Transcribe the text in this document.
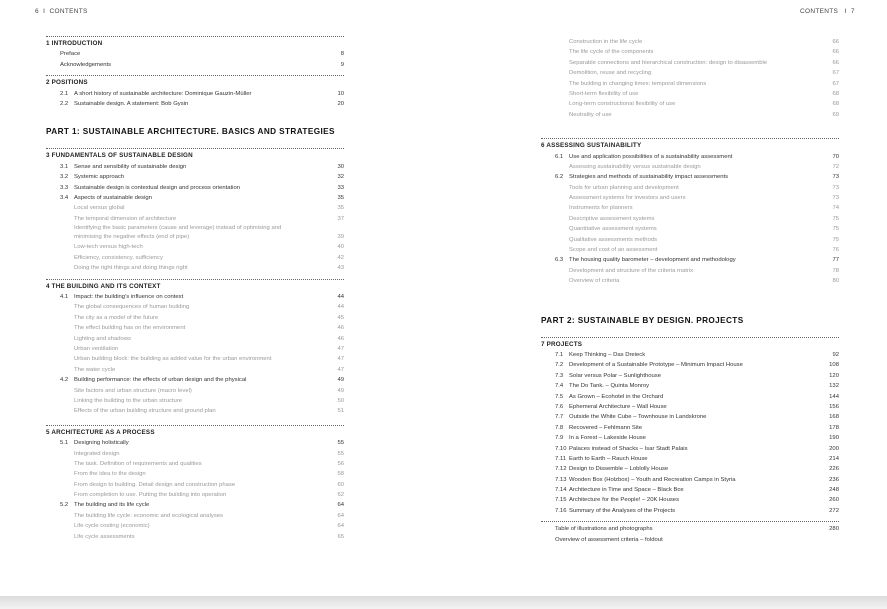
6 I CONTENTS	CONTENTS I 7
1 INTRODUCTION
Preface	8
Acknowledgements	9
2 POSITIONS
2.1 A short history of sustainable architecture: Dominique Gauzin-Müller	10
2.2 Sustainable design. A statement: Bob Gysin	20
PART 1: SUSTAINABLE ARCHITECTURE. BASICS AND STRATEGIES
3 FUNDAMENTALS OF SUSTAINABLE DESIGN
3.1 Sense and sensibility of sustainable design	30
3.2 Systemic approach	32
3.3 Sustainable design is contextual design and process orientation	33
3.4 Aspects of sustainable design	35
Local versus global	35
The temporal dimension of architecture	37
Identifying the basic parameters (cause and leverage) instead of optimising and
minimising the negative effects (end of pipe)	39
Low-tech versus high-tech	40
Efficiency, consistency, sufficiency	42
Doing the right things and doing things right	43
4 THE BUILDING AND ITS CONTEXT
4.1 Impact: the building’s influence on context	44
The global consequences of human building	44
The city as a model of the future	45
The effect building has on the environment	46
Lighting and shadows	46
Urban ventilation	47
Urban building block: the building as added value for the urban environment	47
The water cycle	47
4.2 Building performance: the effects of urban design and the physical	49
Site factors and urban structure (macro level)	49
Linking the building to the urban structure	50
Effects of the urban building structure and ground plan	51
5 ARCHITECTURE AS A PROCESS
5.1 Designing holistically	55
Integrated design	55
The task. Definition of requirements and qualities	56
From the idea to the design	58
From design to building. Detail design and construction phase	60
From completion to use. Putting the building into operation	62
5.2 The building and its life cycle	64
The building life cycle: economic and ecological analyses	64
Life cycle costing (economic)	64
Life cycle assessments	65
Construction in the life cycle	66
The life cycle of the components	66
Separable connections and hierarchical construction: design to disassemble	66
Demolition, reuse and recycling	67
The building in changing times: temporal dimensions	67
Short-term flexibility of use	68
Long-term constructional flexibility of use	68
Neutrality of use	69
6 ASSESSING SUSTAINABILITY
6.1 Use and application possibilities of a sustainability assessment	70
Assessing sustainability versus sustainable design	72
6.2 Strategies and methods of sustainability impact assessments	73
Tools for urban planning and development	73
Assessment systems for investors and users	73
Instruments for planners	74
Descriptive assessment systems	75
Quantitative assessment systems	75
Qualitative assessments methods	75
Scope and cost of an assessment	76
6.3 The housing quality barometer – development and methodology	77
Development and structure of the criteria matrix	78
Overview of criteria	80
PART 2: SUSTAINABLE BY DESIGN. PROJECTS
7 PROJECTS
7.1 Keep Thinking – Das Dreieck	92
7.2 Development of a Sustainable Prototype – Minimum Impact House	108
7.3 Solar versus Polar – Sunlighthouse	120
7.4 The Do Tank. – Quinta Monroy	132
7.5 As Grown – Ecohotel in the Orchard	144
7.6 Ephemeral Architecture – Wall House	156
7.7 Outside the White Cube – Townhouse in Landskrone	168
7.8 Recovered – Fehlmann Site	178
7.9 In a Forest – Lakeside House	190
7.10 Palaces instead of Shacks – Isar Stadt Palais	200
7.11 Earth to Earth – Rauch House	214
7.12 Design to Dissemble – Loblolly House	226
7.13 Wooden Box (Holzbox) – Youth and Recreation Camps in Styria	236
7.14 Architecture in Time and Space – Black Box	248
7.15 Architecture for the People! – 20K Houses	260
7.16 Summary of the Analyses of the Projects	272
Table of illustrations and photographs	280
Overview of assessment criteria – foldout
